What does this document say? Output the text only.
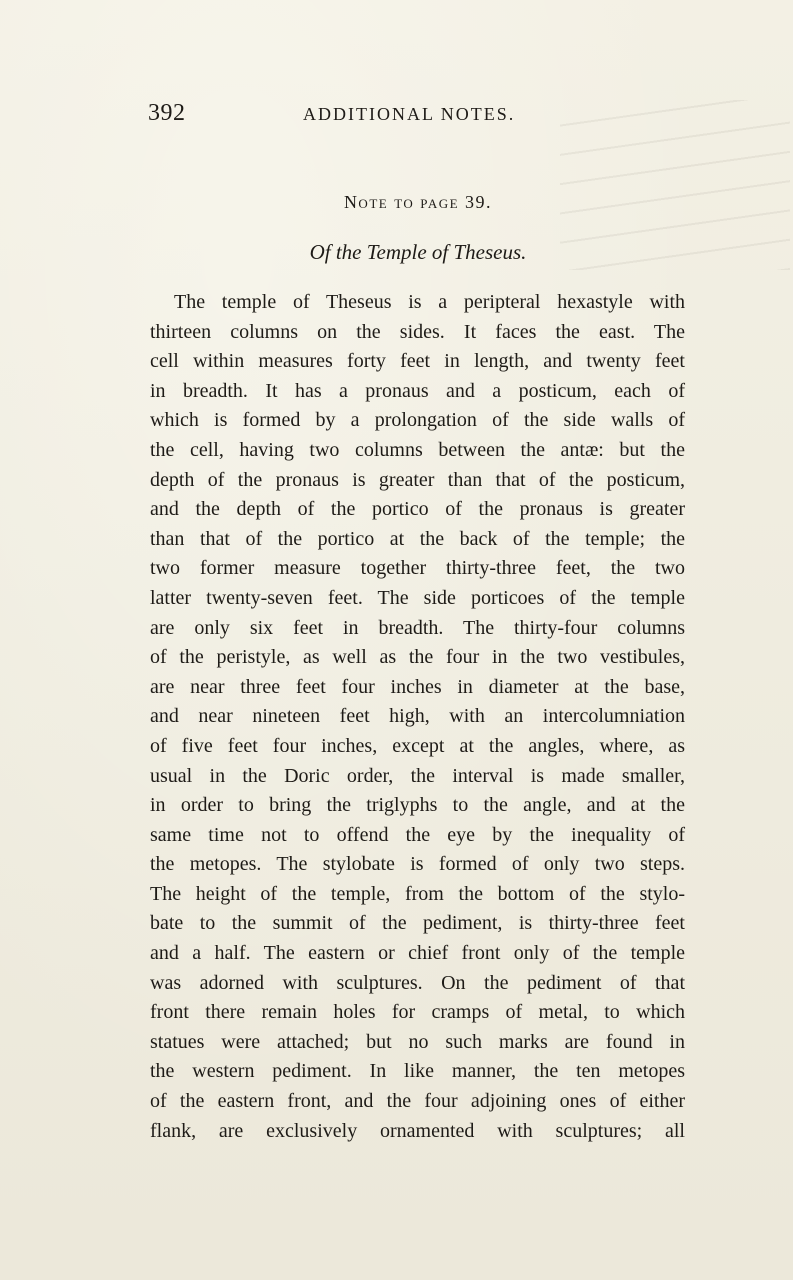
392	ADDITIONAL NOTES.
Note to page 39.
Of the Temple of Theseus.
The temple of Theseus is a peripteral hexastyle with
thirteen columns on the sides. It faces the east. The
cell within measures forty feet in length, and twenty feet
in breadth. It has a pronaus and a posticum, each of
which is formed by a prolongation of the side walls of
the cell, having two columns between the antæ: but the
depth of the pronaus is greater than that of the posticum,
and the depth of the portico of the pronaus is greater
than that of the portico at the back of the temple; the
two former measure together thirty-three feet, the two
latter twenty-seven feet. The side porticoes of the temple
are only six feet in breadth. The thirty-four columns
of the peristyle, as well as the four in the two vestibules,
are near three feet four inches in diameter at the base,
and near nineteen feet high, with an intercolumniation
of five feet four inches, except at the angles, where, as
usual in the Doric order, the interval is made smaller,
in order to bring the triglyphs to the angle, and at the
same time not to offend the eye by the inequality of
the metopes. The stylobate is formed of only two steps.
The height of the temple, from the bottom of the stylo-
bate to the summit of the pediment, is thirty-three feet
and a half. The eastern or chief front only of the temple
was adorned with sculptures. On the pediment of that
front there remain holes for cramps of metal, to which
statues were attached; but no such marks are found in
the western pediment. In like manner, the ten metopes
of the eastern front, and the four adjoining ones of either
flank, are exclusively ornamented with sculptures; all
